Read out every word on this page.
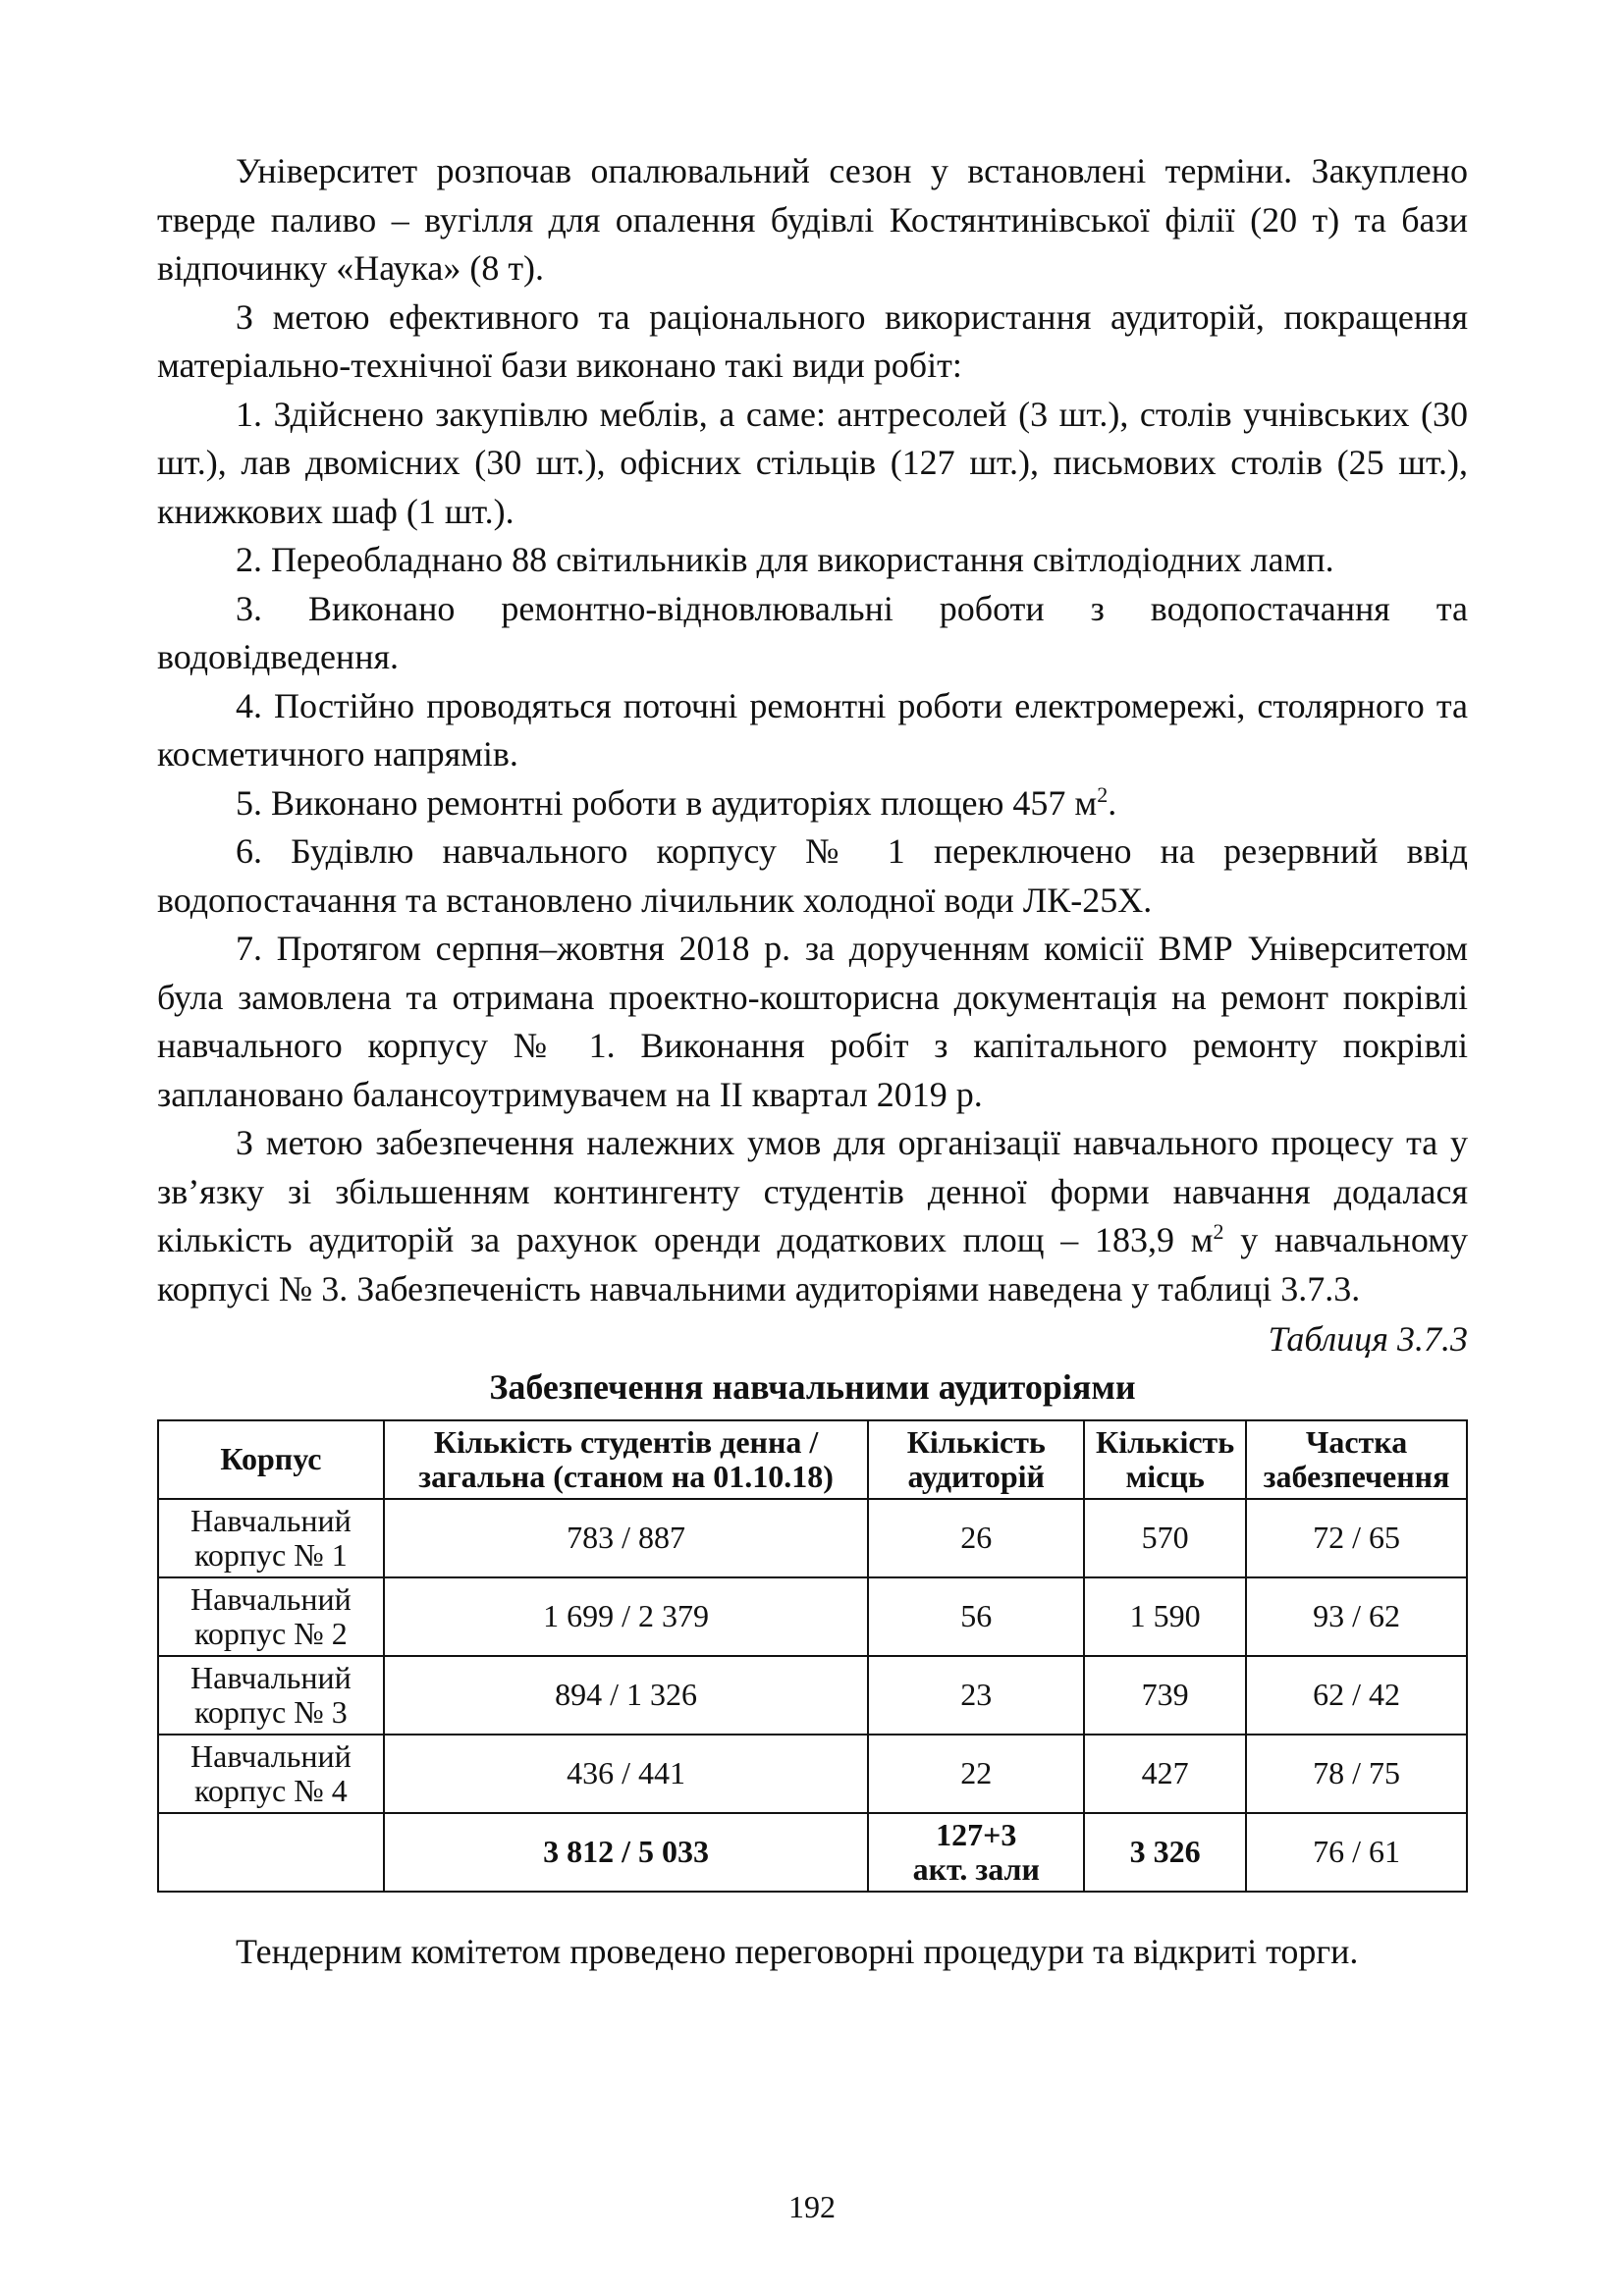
Університет розпочав опалювальний сезон у встановлені терміни. Закуплено тверде паливо – вугілля для опалення будівлі Костянтинівської філії (20 т) та бази відпочинку «Наука» (8 т).

З метою ефективного та раціонального використання аудиторій, покращення матеріально-технічної бази виконано такі види робіт:

1. Здійснено закупівлю меблів, а саме: антресолей (3 шт.), столів учнівських (30 шт.), лав двомісних (30 шт.), офісних стільців (127 шт.), письмових столів (25 шт.), книжкових шаф (1 шт.).

2. Переобладнано 88 світильників для використання світлодіодних ламп.

3. Виконано ремонтно-відновлювальні роботи з водопостачання та водовідведення.

4. Постійно проводяться поточні ремонтні роботи електромережі, столярного та косметичного напрямів.

5. Виконано ремонтні роботи в аудиторіях площею 457 $м^2$.

6. Будівлю навчального корпусу № 1 переключено на резервний ввід водопостачання та встановлено лічильник холодної води ЛК-25Х.

7. Протягом серпня–жовтня 2018 р. за дорученням комісії ВМР Університетом була замовлена та отримана проектно-кошторисна документація на ремонт покрівлі навчального корпусу № 1. Виконання робіт з капітального ремонту покрівлі заплановано балансоутримувачем на ІІ квартал 2019 р.

З метою забезпечення належних умов для організації навчального процесу та у зв’язку зі збільшенням контингенту студентів денної форми навчання додалася кількість аудиторій за рахунок оренди додаткових площ – 183,9 $м^2$ у навчальному корпусі № 3. Забезпеченість навчальними аудиторіями наведена у таблиці 3.7.3.

Таблиця 3.7.3

Забезпечення навчальними аудиторіями

Корпус	Кількість студентів денна / загальна (станом на 01.10.18)	Кількість аудиторій	Кількість місць	Частка забезпечення
Навчальний корпус № 1	783 / 887	26	570	72 / 65
Навчальний корпус № 2	1 699 / 2 379	56	1 590	93 / 62
Навчальний корпус № 3	894 / 1 326	23	739	62 / 42
Навчальний корпус № 4	436 / 441	22	427	78 / 75
	3 812 / 5 033	127+3 акт. зали	3 326	76 / 61

Тендерним комітетом проведено переговорні процедури та відкриті торги.

192
